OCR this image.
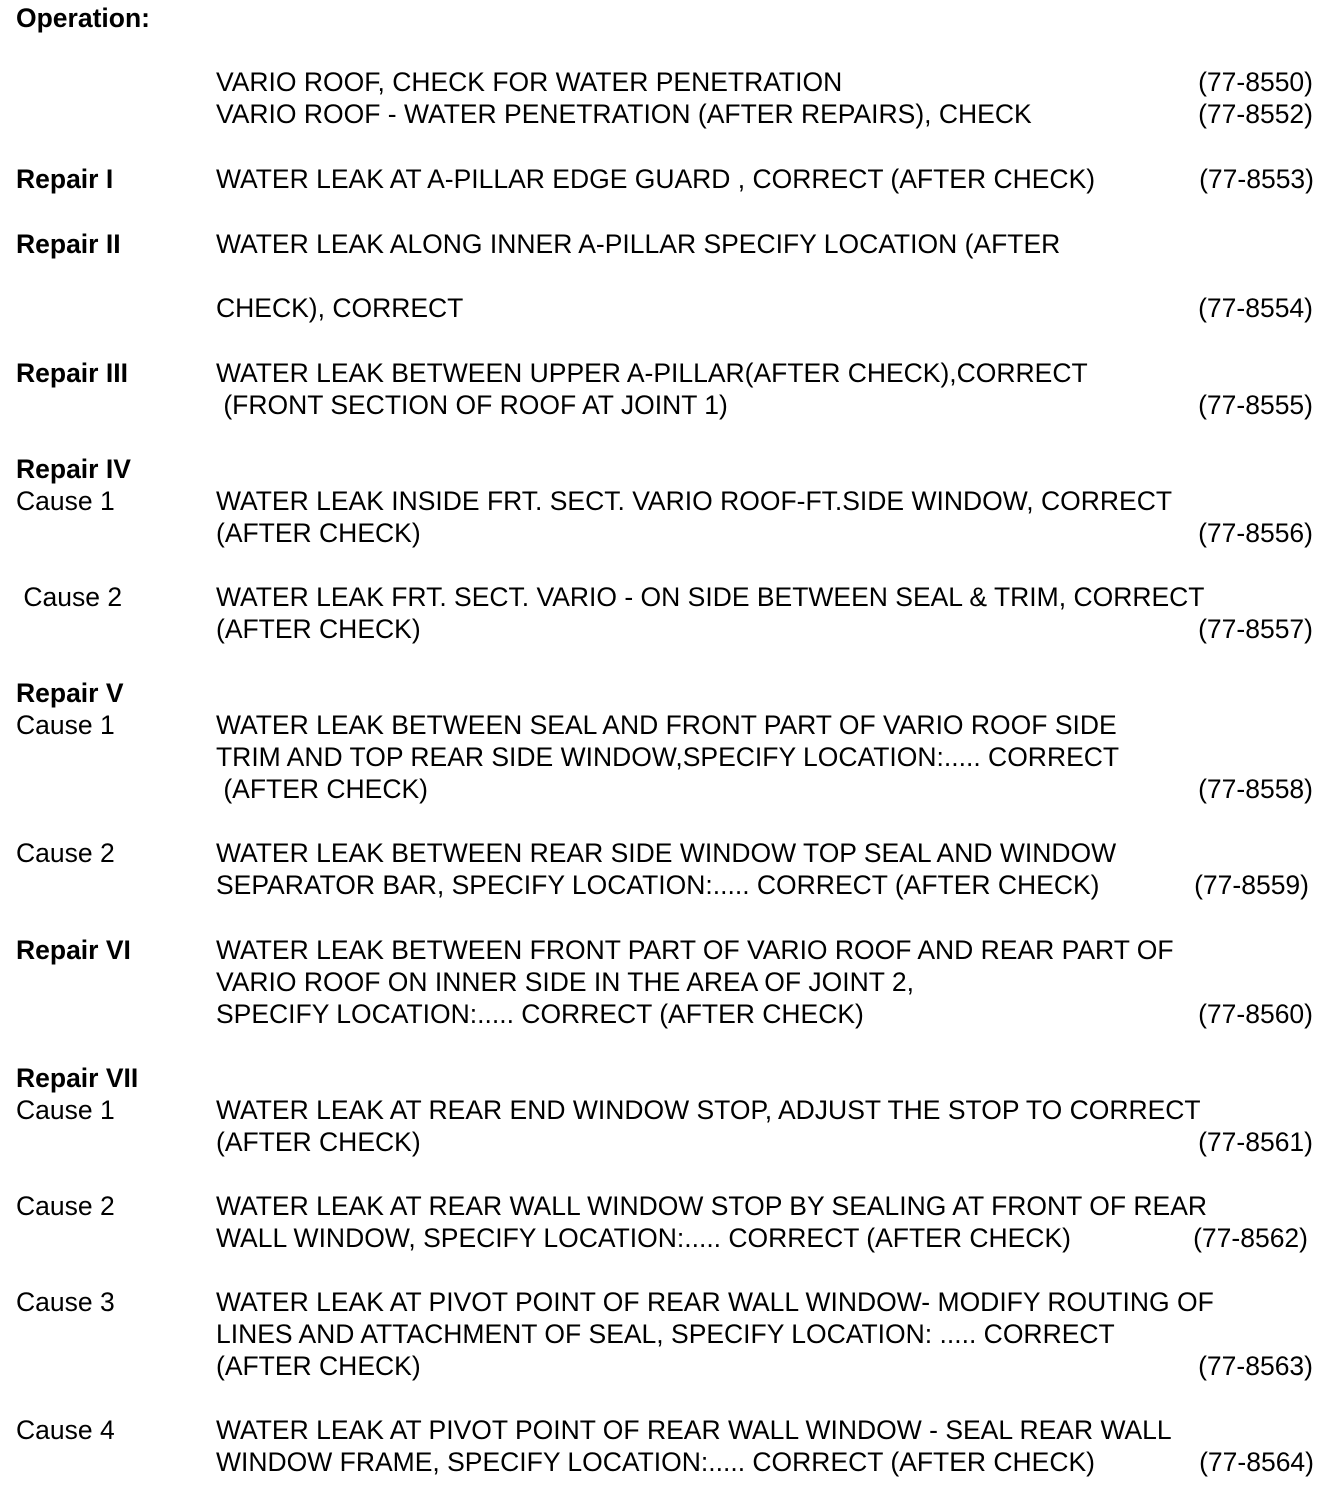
Operation:
VARIO ROOF, CHECK FOR WATER PENETRATION	(77-8550)
VARIO ROOF - WATER PENETRATION (AFTER REPAIRS), CHECK	(77-8552)
Repair I	WATER LEAK AT A-PILLAR EDGE GUARD , CORRECT (AFTER CHECK)	(77-8553)
Repair II	WATER LEAK ALONG INNER A-PILLAR SPECIFY LOCATION (AFTER
CHECK), CORRECT	(77-8554)
Repair III	WATER LEAK BETWEEN UPPER A-PILLAR(AFTER CHECK),CORRECT
(FRONT SECTION OF ROOF AT JOINT 1)	(77-8555)
Repair IV
Cause 1	WATER LEAK INSIDE FRT. SECT. VARIO ROOF-FT.SIDE WINDOW, CORRECT
(AFTER CHECK)	(77-8556)
Cause 2	WATER LEAK FRT. SECT. VARIO - ON SIDE BETWEEN SEAL & TRIM, CORRECT
(AFTER CHECK)	(77-8557)
Repair V
Cause 1	WATER LEAK BETWEEN SEAL AND FRONT PART OF VARIO ROOF SIDE
TRIM AND TOP REAR SIDE WINDOW,SPECIFY LOCATION:..... CORRECT
(AFTER CHECK)	(77-8558)
Cause 2	WATER LEAK BETWEEN REAR SIDE WINDOW TOP SEAL AND WINDOW
SEPARATOR BAR, SPECIFY LOCATION:..... CORRECT (AFTER CHECK)	(77-8559)
Repair VI	WATER LEAK BETWEEN FRONT PART OF VARIO ROOF AND REAR PART OF
VARIO ROOF ON INNER SIDE IN THE AREA OF JOINT 2,
SPECIFY LOCATION:..... CORRECT (AFTER CHECK)	(77-8560)
Repair VII
Cause 1	WATER LEAK AT REAR END WINDOW STOP, ADJUST THE STOP TO CORRECT
(AFTER CHECK)	(77-8561)
Cause 2	WATER LEAK AT REAR WALL WINDOW STOP BY SEALING AT FRONT OF REAR
WALL WINDOW, SPECIFY LOCATION:..... CORRECT (AFTER CHECK)	(77-8562)
Cause 3	WATER LEAK AT PIVOT POINT OF REAR WALL WINDOW- MODIFY ROUTING OF
LINES AND ATTACHMENT OF SEAL, SPECIFY LOCATION: ..... CORRECT
(AFTER CHECK)	(77-8563)
Cause 4	WATER LEAK AT PIVOT POINT OF REAR WALL WINDOW - SEAL REAR WALL
WINDOW FRAME, SPECIFY LOCATION:..... CORRECT (AFTER CHECK)	(77-8564)
